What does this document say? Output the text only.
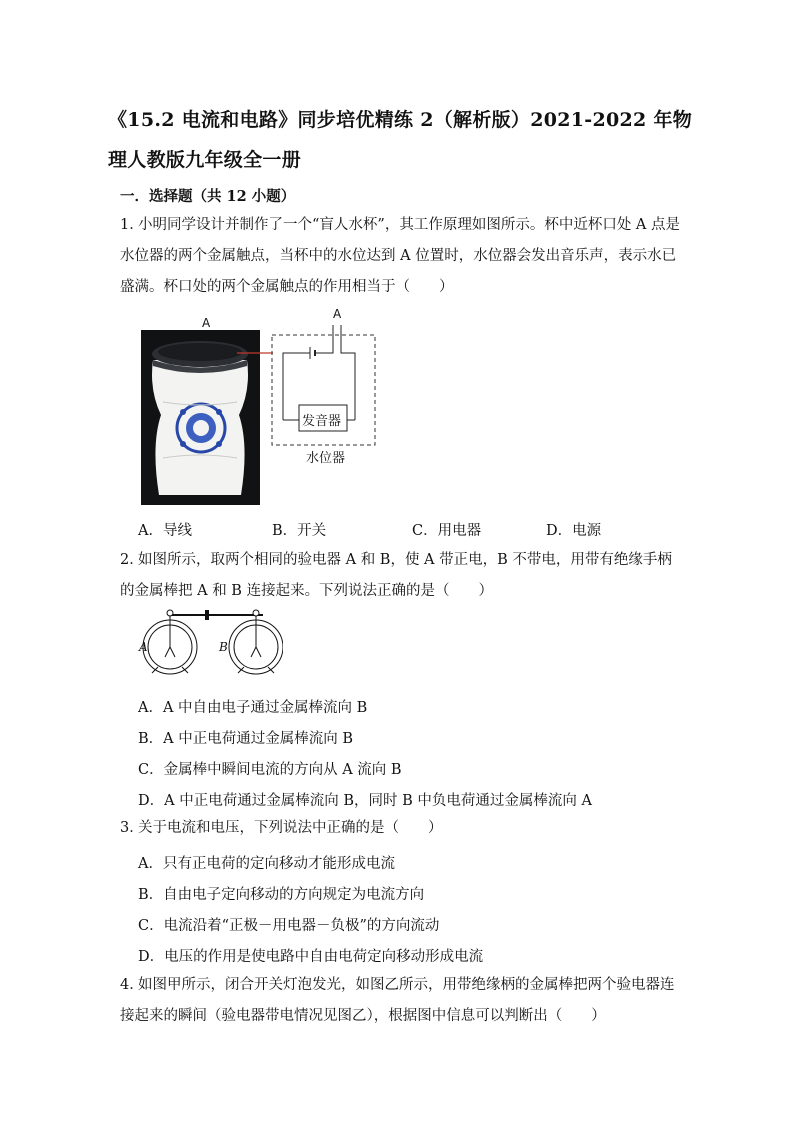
《15.2 电流和电路》同步培优精练 2（解析版）2021-2022 年物理人教版九年级全一册
一．选择题（共 12 小题）
1．小明同学设计并制作了一个“盲人水杯”，其工作原理如图所示。杯中近杯口处 A 点是水位器的两个金属触点，当杯中的水位达到 A 位置时，水位器会发出音乐声，表示水已盛满。杯口处的两个金属触点的作用相当于（　　）
A
A
发音器
水位器
A．导线	B．开关	C．用电器	D．电源
2．如图所示，取两个相同的验电器 A 和 B，使 A 带正电，B 不带电，用带有绝缘手柄的金属棒把 A 和 B 连接起来。下列说法正确的是（　　）
A	B
A．A 中自由电子通过金属棒流向 B
B．A 中正电荷通过金属棒流向 B
C．金属棒中瞬间电流的方向从 A 流向 B
D．A 中正电荷通过金属棒流向 B，同时 B 中负电荷通过金属棒流向 A
3．关于电流和电压，下列说法中正确的是（　　）
A．只有正电荷的定向移动才能形成电流
B．自由电子定向移动的方向规定为电流方向
C．电流沿着“正极－用电器－负极”的方向流动
D．电压的作用是使电路中自由电荷定向移动形成电流
4．如图甲所示，闭合开关灯泡发光，如图乙所示，用带绝缘柄的金属棒把两个验电器连接起来的瞬间（验电器带电情况见图乙），根据图中信息可以判断出（　　）
